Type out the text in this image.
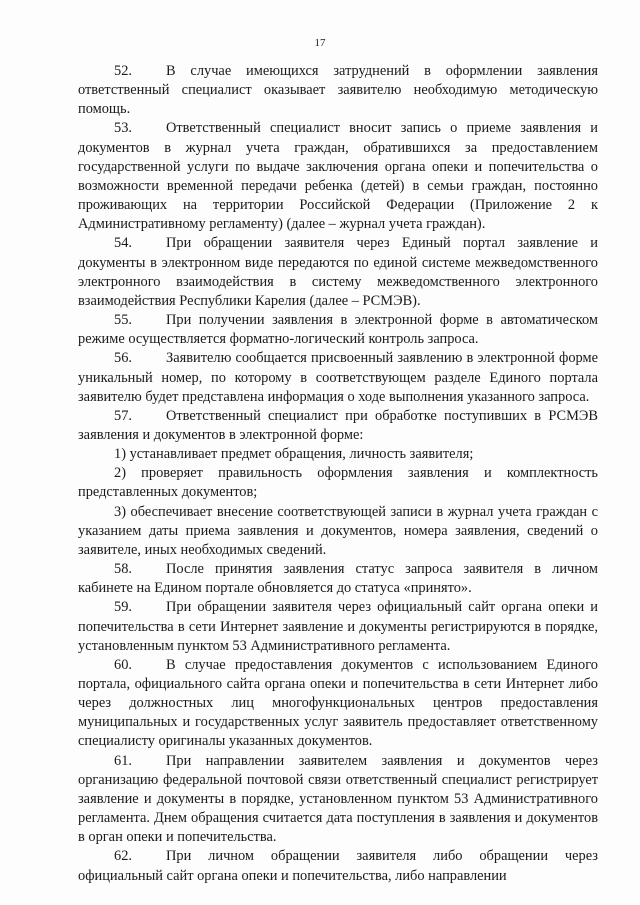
17

52. В случае имеющихся затруднений в оформлении заявления ответственный специалист оказывает заявителю необходимую методическую помощь.

53. Ответственный специалист вносит запись о приеме заявления и документов в журнал учета граждан, обратившихся за предоставлением государственной услуги по выдаче заключения органа опеки и попечительства о возможности временной передачи ребенка (детей) в семьи граждан, постоянно проживающих на территории Российской Федерации (Приложение 2 к Административному регламенту) (далее – журнал учета граждан).

54. При обращении заявителя через Единый портал заявление и документы в электронном виде передаются по единой системе межведомственного электронного взаимодействия в систему межведомственного электронного взаимодействия Республики Карелия (далее – РСМЭВ).

55. При получении заявления в электронной форме в автоматическом режиме осуществляется форматно-логический контроль запроса.

56. Заявителю сообщается присвоенный заявлению в электронной форме уникальный номер, по которому в соответствующем разделе Единого портала заявителю будет представлена информация о ходе выполнения указанного запроса.

57. Ответственный специалист при обработке поступивших в РСМЭВ заявления и документов в электронной форме:

1) устанавливает предмет обращения, личность заявителя;

2) проверяет правильность оформления заявления и комплектность представленных документов;

3) обеспечивает внесение соответствующей записи в журнал учета граждан с указанием даты приема заявления и документов, номера заявления, сведений о заявителе, иных необходимых сведений.

58. После принятия заявления статус запроса заявителя в личном кабинете на Едином портале обновляется до статуса «принято».

59. При обращении заявителя через официальный сайт органа опеки и попечительства в сети Интернет заявление и документы регистрируются в порядке, установленным пунктом 53 Административного регламента.

60. В случае предоставления документов с использованием Единого портала, официального сайта органа опеки и попечительства в сети Интернет либо через должностных лиц многофункциональных центров предоставления муниципальных и государственных услуг заявитель предоставляет ответственному специалисту оригиналы указанных документов.

61. При направлении заявителем заявления и документов через организацию федеральной почтовой связи ответственный специалист регистрирует заявление и документы в порядке, установленном пунктом 53 Административного регламента. Днем обращения считается дата поступления в заявления и документов в орган опеки и попечительства.

62. При личном обращении заявителя либо обращении через официальный сайт органа опеки и попечительства, либо направлении
